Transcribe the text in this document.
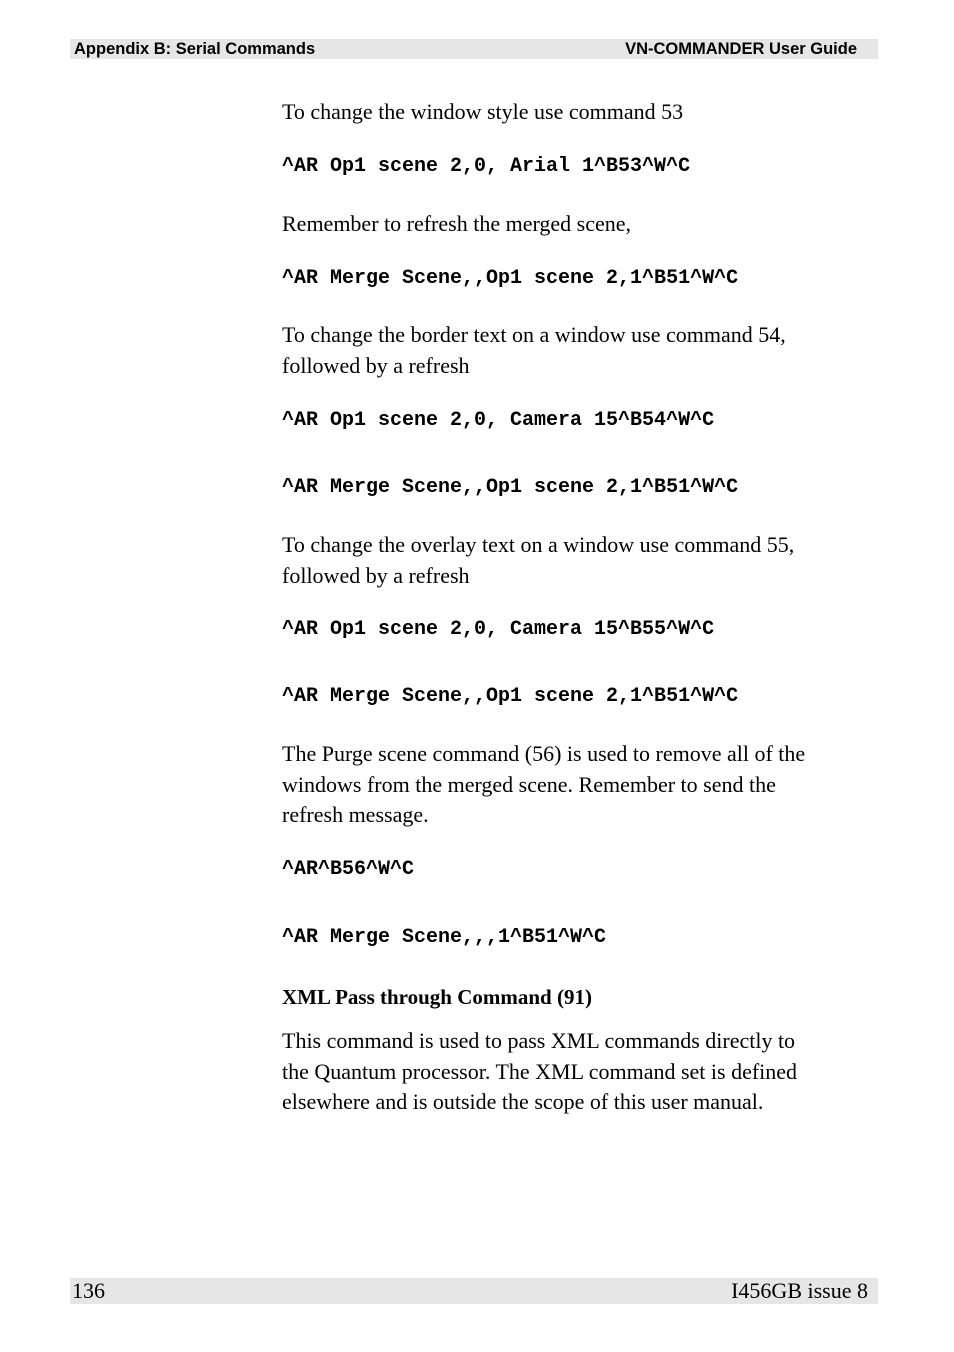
Appendix B: Serial Commands	VN-COMMANDER User Guide

To change the window style use command 53

^AR Op1 scene 2,0, Arial 1^B53^W^C

Remember to refresh the merged scene,

^AR Merge Scene,,Op1 scene 2,1^B51^W^C

To change the border text on a window use command 54,
followed by a refresh

^AR Op1 scene 2,0, Camera 15^B54^W^C
^AR Merge Scene,,Op1 scene 2,1^B51^W^C

To change the overlay text on a window use command 55,
followed by a refresh

^AR Op1 scene 2,0, Camera 15^B55^W^C
^AR Merge Scene,,Op1 scene 2,1^B51^W^C

The Purge scene command (56) is used to remove all of the
windows from the merged scene. Remember to send the
refresh message.

^AR^B56^W^C
^AR Merge Scene,,,1^B51^W^C
XML Pass through Command (91)

This command is used to pass XML commands directly to
the Quantum processor. The XML command set is defined
elsewhere and is outside the scope of this user manual.

136	I456GB issue 8
